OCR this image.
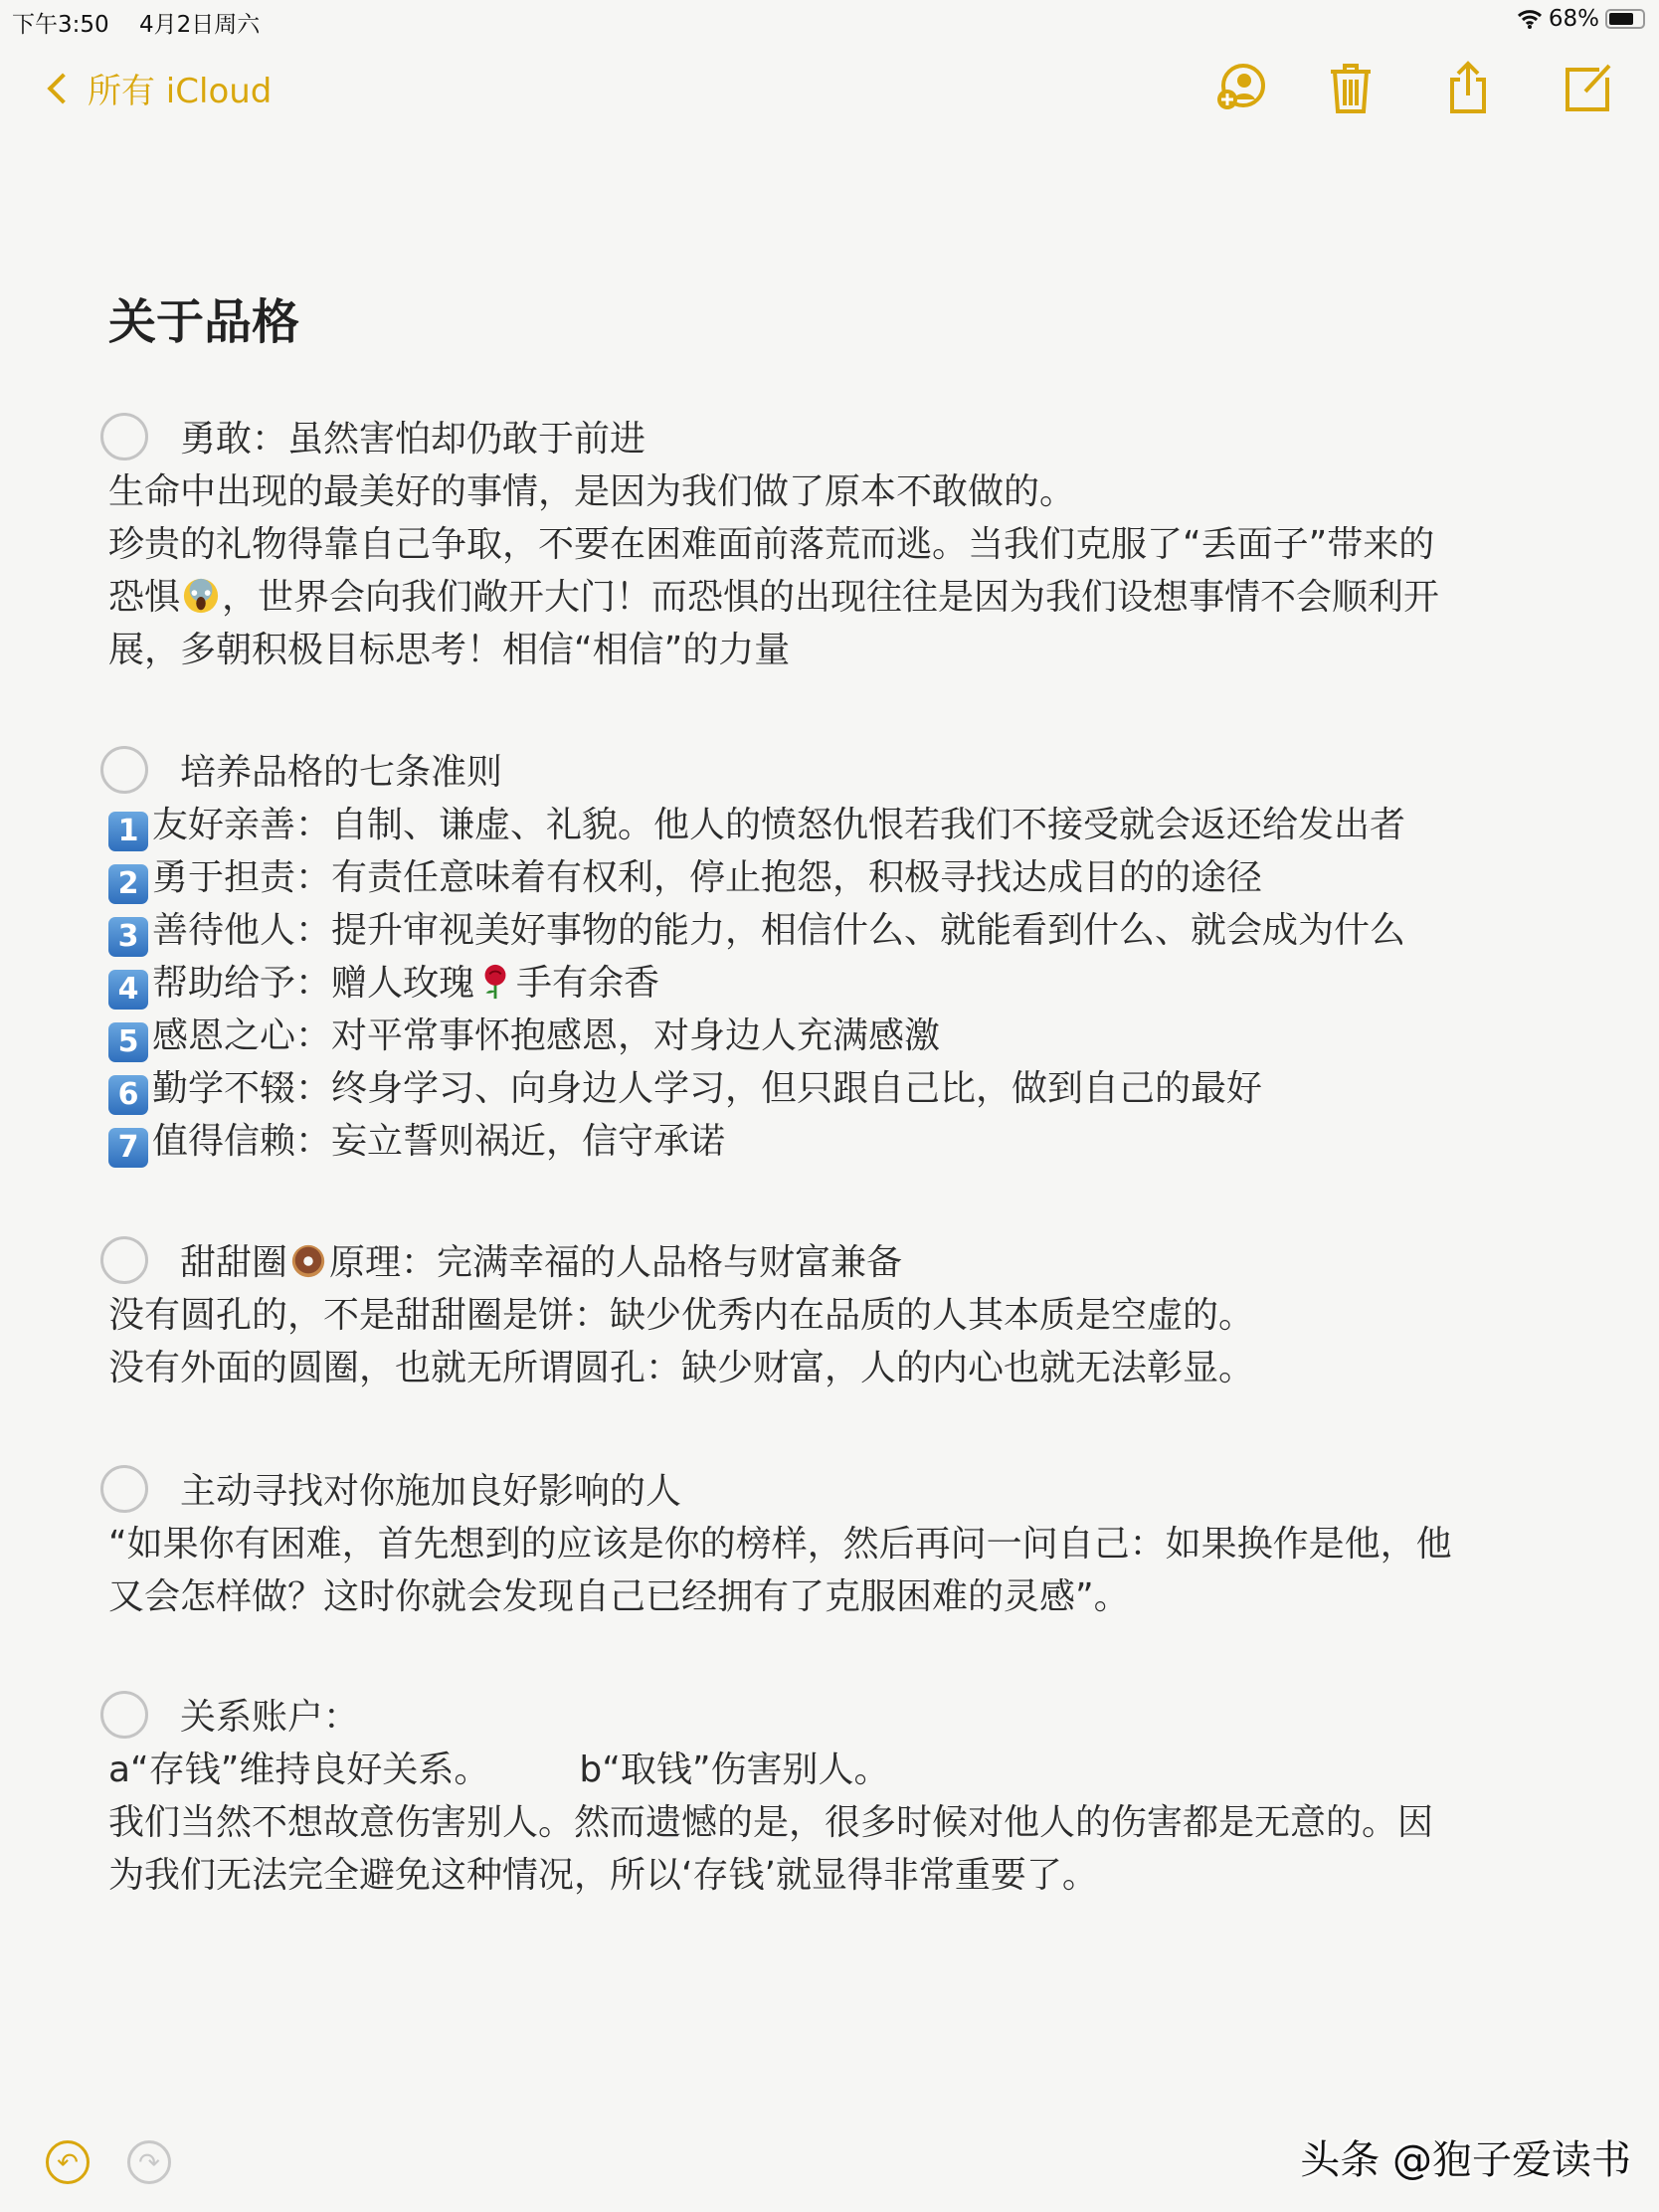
下午3:50 4月2日周六	68%
所有 iCloud
关于品格
勇敢：虽然害怕却仍敢于前进
生命中出现的最美好的事情，是因为我们做了原本不敢做的。
珍贵的礼物得靠自己争取，不要在困难面前落荒而逃。当我们克服了“丢面子”带来的
恐惧 ，世界会向我们敞开大门！而恐惧的出现往往是因为我们设想事情不会顺利开
展，多朝积极目标思考！相信“相信”的力量
培养品格的七条准则
1 友好亲善：自制、谦虚、礼貌。他人的愤怒仇恨若我们不接受就会返还给发出者
2 勇于担责：有责任意味着有权利，停止抱怨，积极寻找达成目的的途径
3 善待他人：提升审视美好事物的能力，相信什么、就能看到什么、就会成为什么
4 帮助给予：赠人玫瑰 手有余香
5 感恩之心：对平常事怀抱感恩，对身边人充满感激
6 勤学不辍：终身学习、向身边人学习，但只跟自己比，做到自己的最好
7 值得信赖：妄立誓则祸近，信守承诺
甜甜圈 原理：完满幸福的人品格与财富兼备
没有圆孔的，不是甜甜圈是饼：缺少优秀内在品质的人其本质是空虚的。
没有外面的圆圈，也就无所谓圆孔：缺少财富，人的内心也就无法彰显。
主动寻找对你施加良好影响的人
“如果你有困难，首先想到的应该是你的榜样，然后再问一问自己：如果换作是他，他
又会怎样做？这时你就会发现自己已经拥有了克服困难的灵感”。
关系账户：
a“存钱”维持良好关系。	b“取钱”伤害别人。
我们当然不想故意伤害别人。然而遗憾的是，很多时候对他人的伤害都是无意的。因
为我们无法完全避免这种情况，所以‘存钱’就显得非常重要了。
↶	↷	头条 @狍子爱读书
